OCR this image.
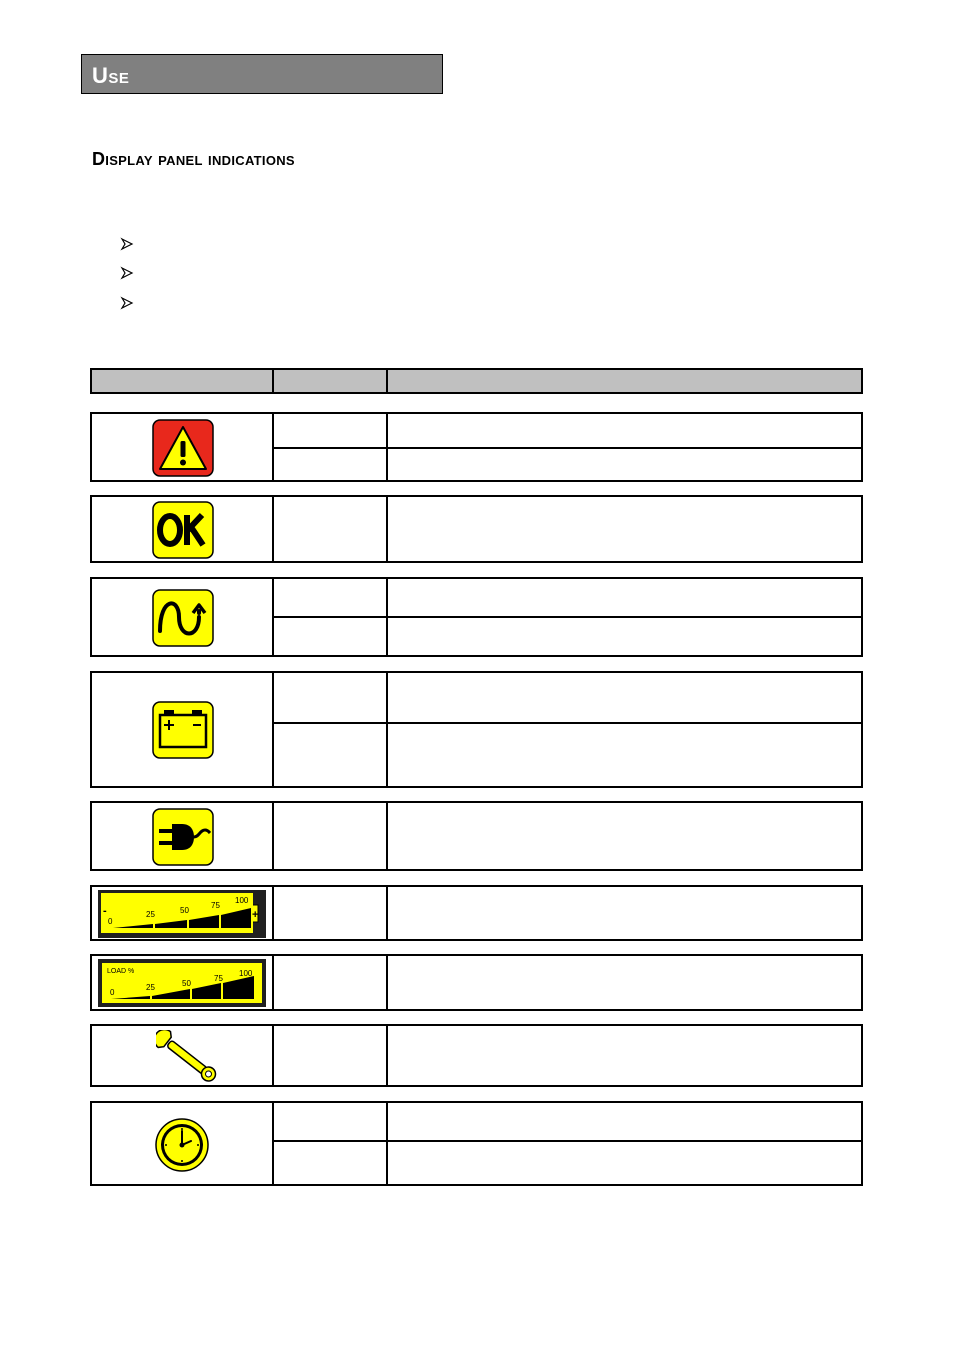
Use
Display panel indications
0
25	50
75
100
-	+
LOAD %
0
25	50
75
100
